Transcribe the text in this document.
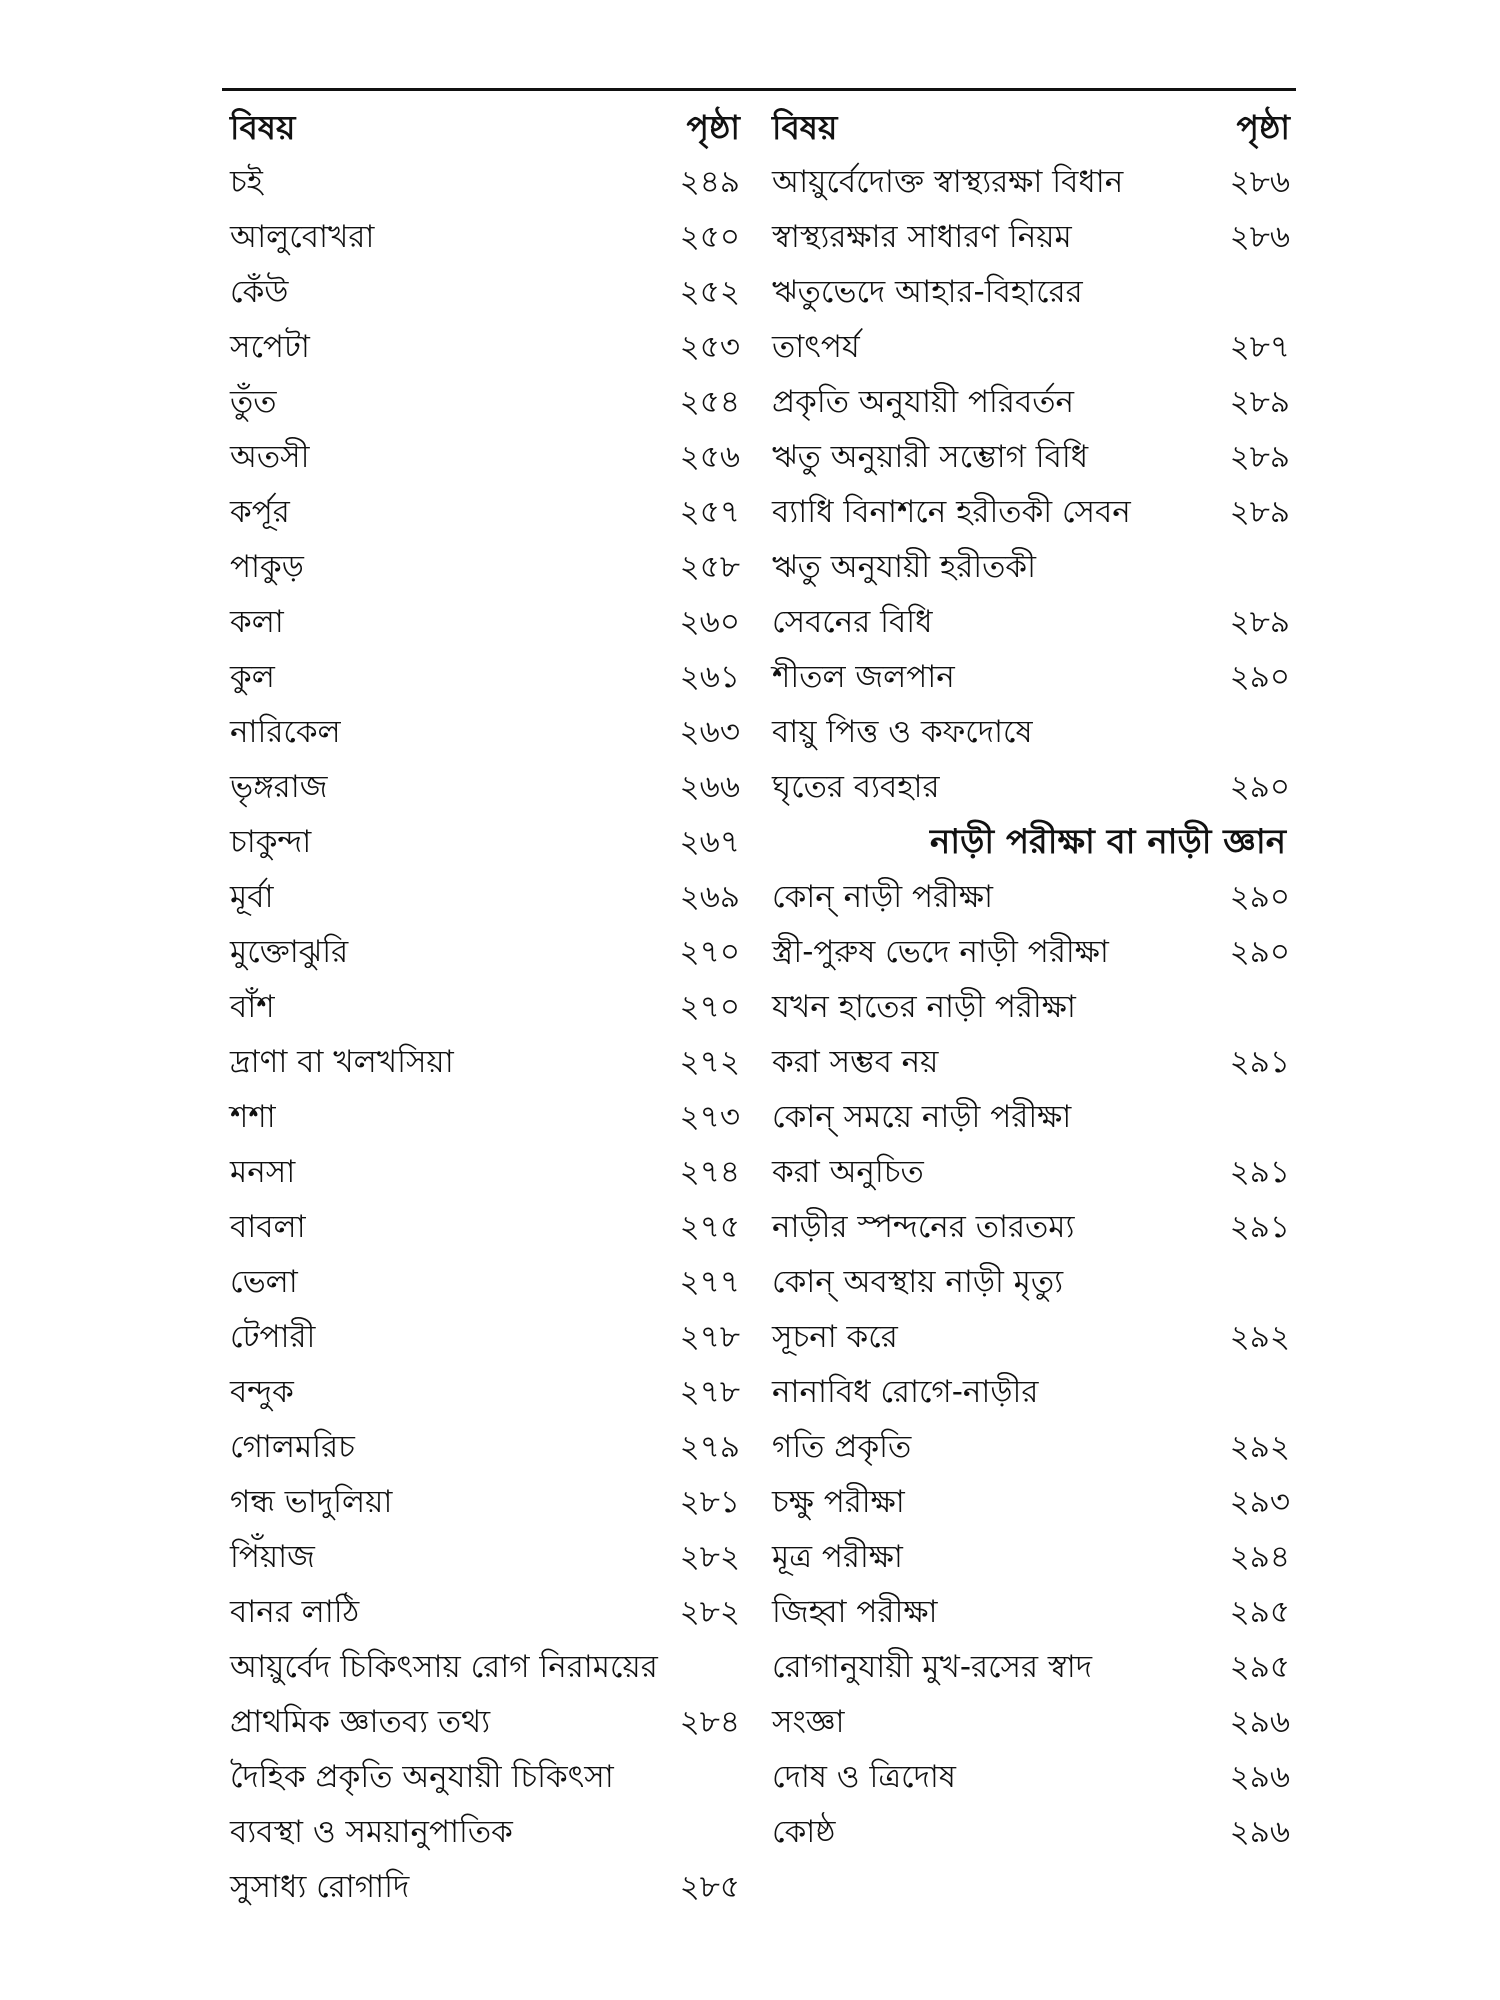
বিষয়	পৃষ্ঠা
চই	২৪৯
আলুবোখরা	২৫০
কেঁউ	২৫২
সপেটা	২৫৩
তুঁত	২৫৪
অতসী	২৫৬
কর্পূর	২৫৭
পাকুড়	২৫৮
কলা	২৬০
কুল	২৬১
নারিকেল	২৬৩
ভৃঙ্গরাজ	২৬৬
চাকুন্দা	২৬৭
মূর্বা	২৬৯
মুক্তোঝুরি	২৭০
বাঁশ	২৭০
দ্রাণা বা খলখসিয়া	২৭২
শশা	২৭৩
মনসা	২৭৪
বাবলা	২৭৫
ভেলা	২৭৭
টেপারী	২৭৮
বন্দুক	২৭৮
গোলমরিচ	২৭৯
গন্ধ ভাদুলিয়া	২৮১
পিঁয়াজ	২৮২
বানর লাঠি	২৮২
আয়ুর্বেদ চিকিৎসায় রোগ নিরাময়ের
প্রাথমিক জ্ঞাতব্য তথ্য	২৮৪
দৈহিক প্রকৃতি অনুযায়ী চিকিৎসা
ব্যবস্থা ও সময়ানুপাতিক
সুসাধ্য রোগাদি	২৮৫
বিষয়	পৃষ্ঠা
আয়ুর্বেদোক্ত স্বাস্থ্যরক্ষা বিধান	২৮৬
স্বাস্থ্যরক্ষার সাধারণ নিয়ম	২৮৬
ঋতুভেদে আহার-বিহারের
তাৎপর্য	২৮৭
প্রকৃতি অনুযায়ী পরিবর্তন	২৮৯
ঋতু অনুয়ারী সম্ভোগ বিধি	২৮৯
ব্যাধি বিনাশনে হরীতকী সেবন	২৮৯
ঋতু অনুযায়ী হরীতকী
সেবনের বিধি	২৮৯
শীতল জলপান	২৯০
বায়ু পিত্ত ও কফদোষে
ঘৃতের ব্যবহার	২৯০
নাড়ী পরীক্ষা বা নাড়ী জ্ঞান
কোন্ নাড়ী পরীক্ষা	২৯০
স্ত্রী-পুরুষ ভেদে নাড়ী পরীক্ষা	২৯০
যখন হাতের নাড়ী পরীক্ষা
করা সম্ভব নয়	২৯১
কোন্ সময়ে নাড়ী পরীক্ষা
করা অনুচিত	২৯১
নাড়ীর স্পন্দনের তারতম্য	২৯১
কোন্ অবস্থায় নাড়ী মৃত্যু
সূচনা করে	২৯২
নানাবিধ রোগে-নাড়ীর
গতি প্রকৃতি	২৯২
চক্ষু পরীক্ষা	২৯৩
মূত্র পরীক্ষা	২৯৪
জিহ্বা পরীক্ষা	২৯৫
রোগানুযায়ী মুখ-রসের স্বাদ	২৯৫
সংজ্ঞা	২৯৬
দোষ ও ত্রিদোষ	২৯৬
কোষ্ঠ	২৯৬
